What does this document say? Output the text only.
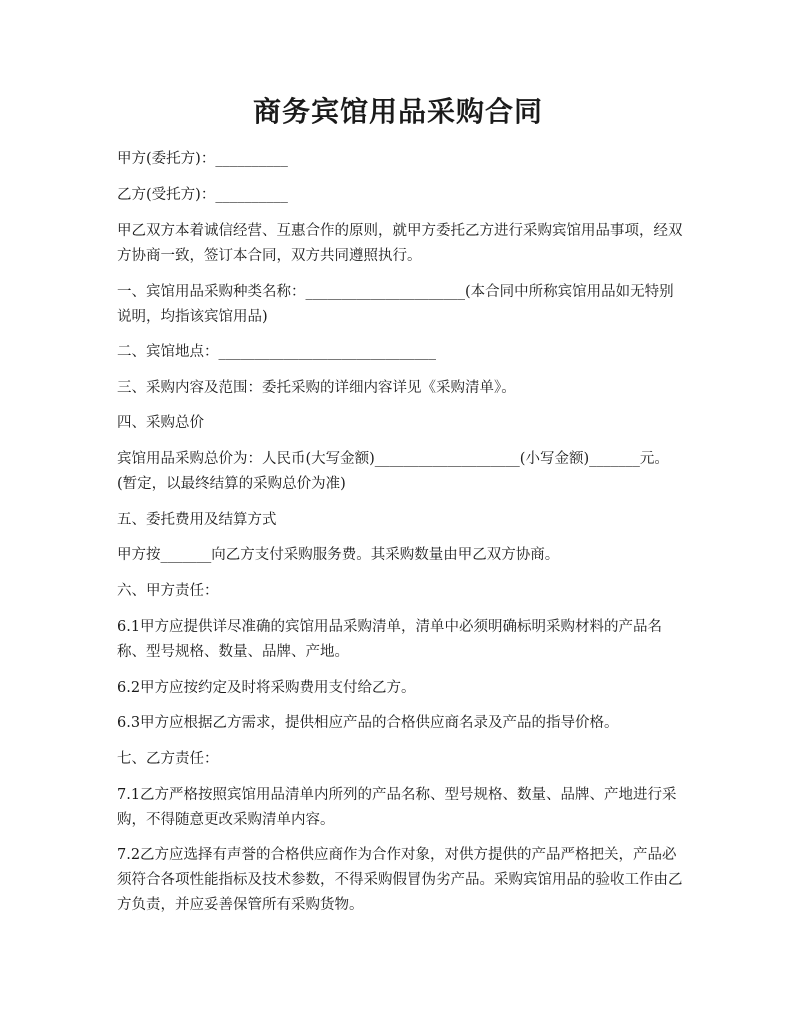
商务宾馆用品采购合同
甲方(委托方)：__________
乙方(受托方)：__________
甲乙双方本着诚信经营、互惠合作的原则，就甲方委托乙方进行采购宾馆用品事项，经双方协商一致，签订本合同，双方共同遵照执行。
一、宾馆用品采购种类名称：______________________(本合同中所称宾馆用品如无特别说明，均指该宾馆用品)
二、宾馆地点：______________________________
三、采购内容及范围：委托采购的详细内容详见《采购清单》。
四、采购总价
宾馆用品采购总价为：人民币(大写金额)____________________(小写金额)_______元。(暂定，以最终结算的采购总价为准)
五、委托费用及结算方式
甲方按_______向乙方支付采购服务费。其采购数量由甲乙双方协商。
六、甲方责任：
6.1甲方应提供详尽准确的宾馆用品采购清单，清单中必须明确标明采购材料的产品名称、型号规格、数量、品牌、产地。
6.2甲方应按约定及时将采购费用支付给乙方。
6.3甲方应根据乙方需求，提供相应产品的合格供应商名录及产品的指导价格。
七、乙方责任：
7.1乙方严格按照宾馆用品清单内所列的产品名称、型号规格、数量、品牌、产地进行采购，不得随意更改采购清单内容。
7.2乙方应选择有声誉的合格供应商作为合作对象，对供方提供的产品严格把关，产品必须符合各项性能指标及技术参数，不得采购假冒伪劣产品。采购宾馆用品的验收工作由乙方负责，并应妥善保管所有采购货物。
